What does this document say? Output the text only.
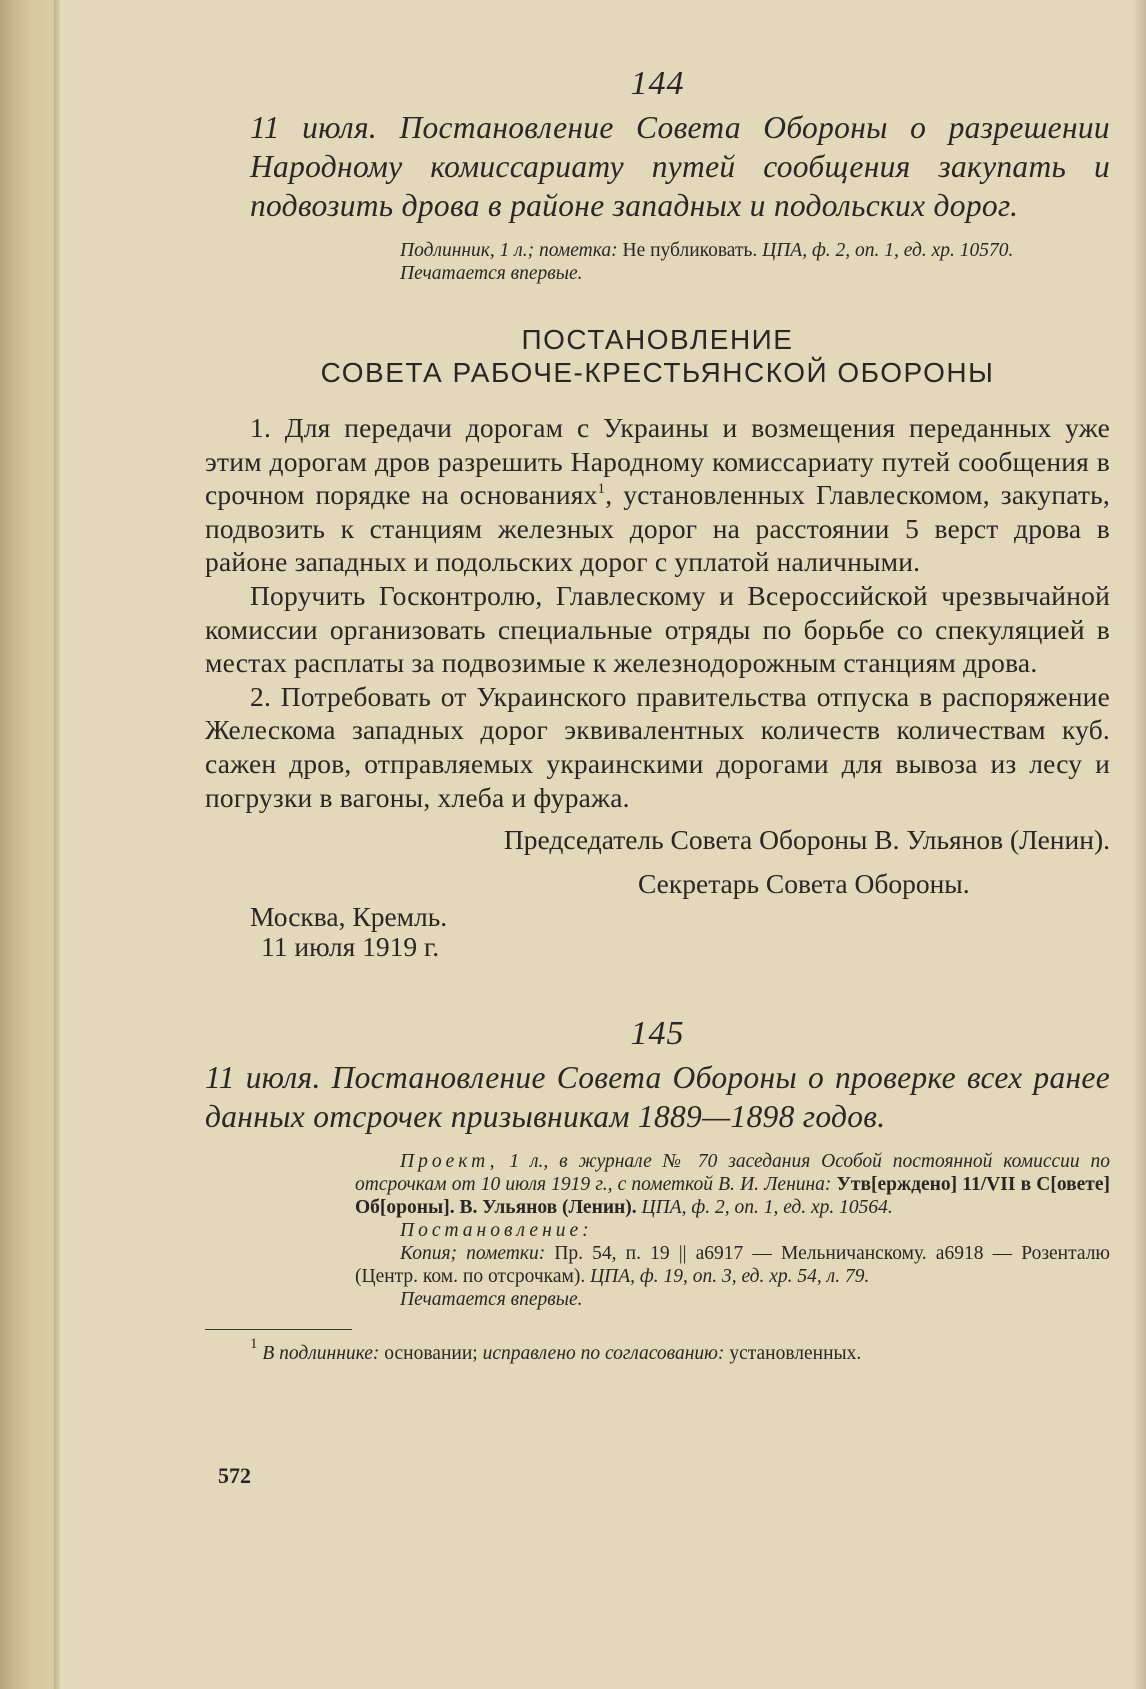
144
11 июля. Постановление Совета Обороны о разрешении Народному комиссариату путей сообщения закупать и подвозить дрова в районе западных и подольских дорог.

Подлинник, 1 л.; пометка: Не публиковать. ЦПА, ф. 2, оп. 1, ед. хр. 10570.

Печатается впервые.

ПОСТАНОВЛЕНИЕ
СОВЕТА РАБОЧЕ-КРЕСТЬЯНСКОЙ ОБОРОНЫ

1. Для передачи дорогам с Украины и возмещения переданных уже этим дорогам дров разрешить Народному комиссариату путей сообщения в срочном порядке на основаниях$^1$, установленных Главлескомом, закупать, подвозить к станциям железных дорог на расстоянии 5 верст дрова в районе западных и подольских дорог с уплатой наличными.

Поручить Госконтролю, Главлескому и Всероссийской чрезвычайной комиссии организовать специальные отряды по борьбе со спекуляцией в местах расплаты за подвозимые к железнодорожным станциям дрова.

2. Потребовать от Украинского правительства отпуска в распоряжение Желескома западных дорог эквивалентных количеств количествам куб. сажен дров, отправляемых украинскими дорогами для вывоза из лесу и погрузки в вагоны, хлеба и фуража.

Председатель Совета Обороны В. Ульянов (Ленин).
Секретарь Совета Обороны.
Москва, Кремль.
11 июля 1919 г.
145
11 июля. Постановление Совета Обороны о проверке всех ранее данных отсрочек призывникам 1889—1898 годов.

Проект, 1 л., в журнале № 70 заседания Особой постоянной комиссии по отсрочкам от 10 июля 1919 г., с пометкой В. И. Ленина: Утв[ерждено] 11/VII в С[овете] Об[ороны]. В. Ульянов (Ленин). ЦПА, ф. 2, оп. 1, ед. хр. 10564.

Постановление:

Копия; пометки: Пр. 54, п. 19 || а6917 — Мельничанскому. а6918 — Розенталю (Центр. ком. по отсрочкам). ЦПА, ф. 19, оп. 3, ед. хр. 54, л. 79.

Печатается впервые.

$^1$ В подлиннике: основании; исправлено по согласованию: установленных.
572
